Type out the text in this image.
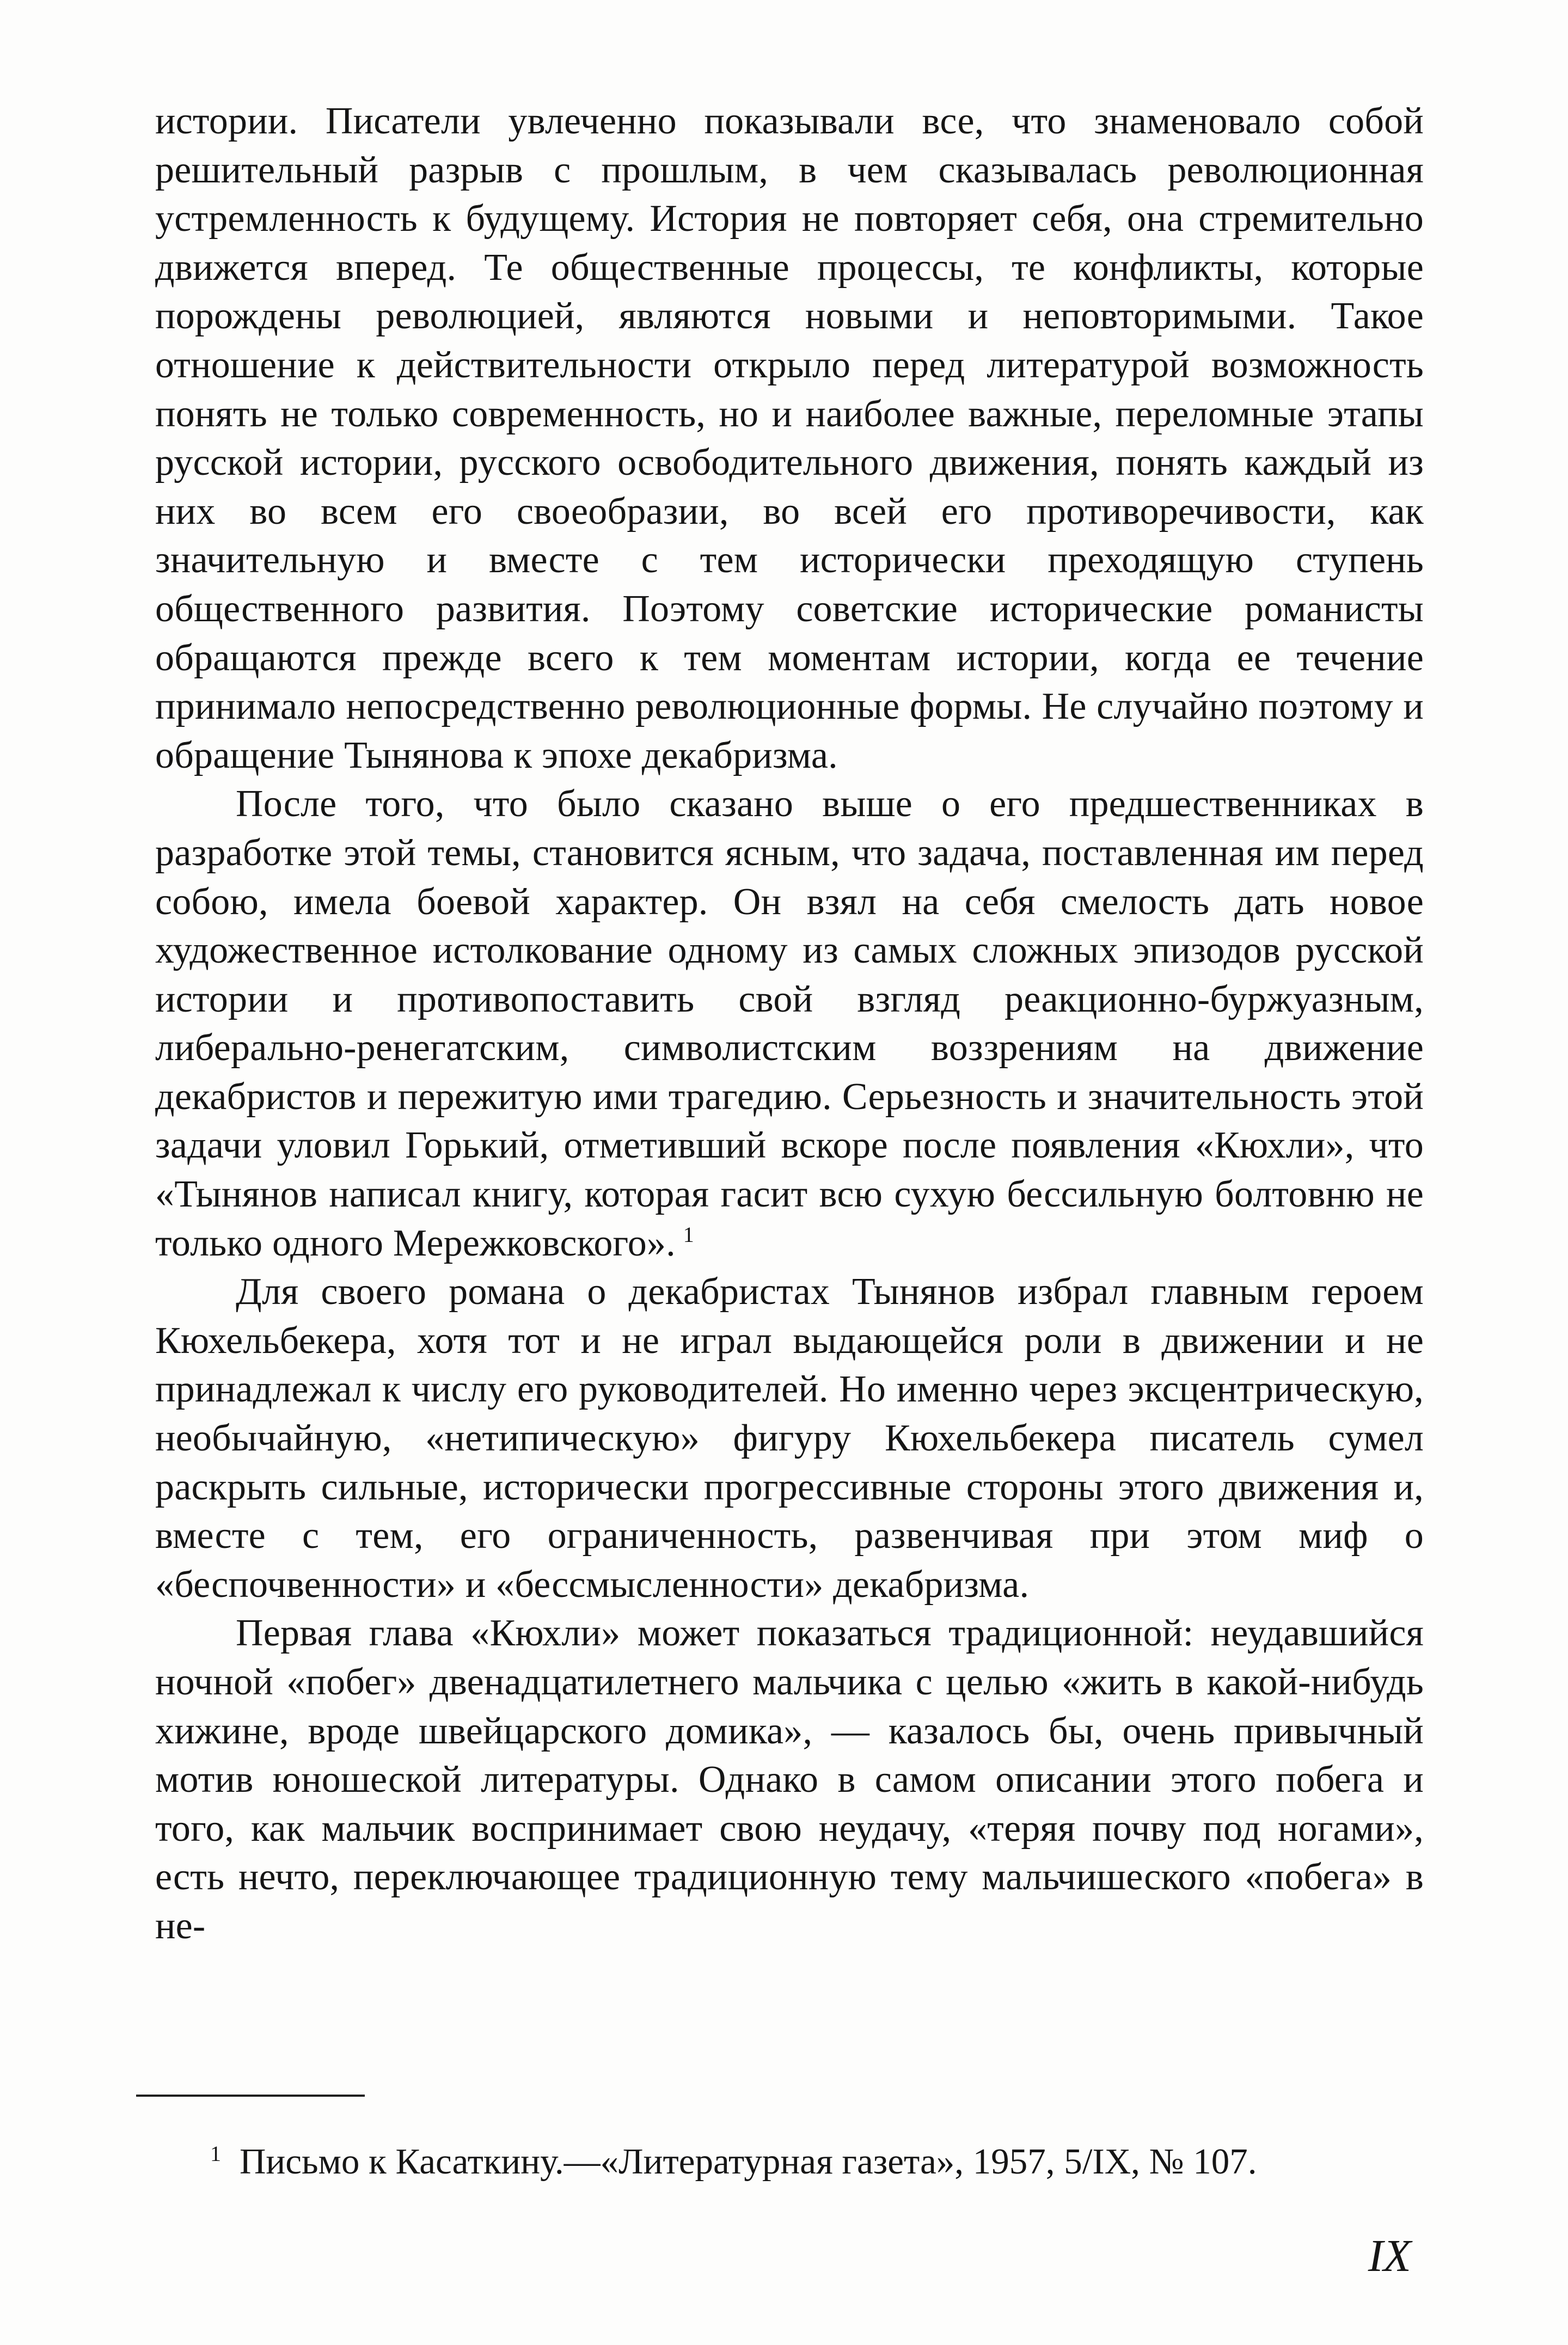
истории. Писатели увлеченно показывали все, что знаменовало собой решительный разрыв с прошлым, в чем сказывалась революционная устремленность к будущему. История не повторяет себя, она стремительно движется вперед. Те общественные процессы, те конфликты, которые порождены революцией, являются новыми и неповторимыми. Такое отношение к действительности открыло перед литературой возможность понять не только современность, но и наиболее важные, переломные этапы русской истории, русского освободительного движения, понять каждый из них во всем его своеобразии, во всей его противоречивости, как значительную и вместе с тем исторически преходящую ступень общественного развития. Поэтому советские исторические романисты обращаются прежде всего к тем моментам истории, когда ее течение принимало непосредственно революционные формы. Не случайно поэтому и обращение Тынянова к эпохе декабризма.

После того, что было сказано выше о его предшественниках в разработке этой темы, становится ясным, что задача, поставленная им перед собою, имела боевой характер. Он взял на себя смелость дать новое художественное истолкование одному из самых сложных эпизодов русской истории и противопоставить свой взгляд реакционно-буржуазным, либерально-ренегатским, символистским воззрениям на движение декабристов и пережитую ими трагедию. Серьезность и значительность этой задачи уловил Горький, отметивший вскоре после появления «Кюхли», что «Тынянов написал книгу, которая гасит всю сухую бессильную болтовню не только одного Мережковского». $^1$

Для своего романа о декабристах Тынянов избрал главным героем Кюхельбекера, хотя тот и не играл выдающейся роли в движении и не принадлежал к числу его руководителей. Но именно через эксцентрическую, необычайную, «нетипическую» фигуру Кюхельбекера писатель сумел раскрыть сильные, исторически прогрессивные стороны этого движения и, вместе с тем, его ограниченность, развенчивая при этом миф о «беспочвенности» и «бессмысленности» декабризма.

Первая глава «Кюхли» может показаться традиционной: неудавшийся ночной «побег» двенадцатилетнего мальчика с целью «жить в какой-нибудь хижине, вроде швейцарского домика», — казалось бы, очень привычный мотив юношеской литературы. Однако в самом описании этого побега и того, как мальчик воспринимает свою неудачу, «теряя почву под ногами», есть нечто, переключающее традиционную тему мальчишеского «побега» в не-

$^1$ Письмо к Касаткину.—«Литературная газета», 1957, 5/IX, № 107.
IX
